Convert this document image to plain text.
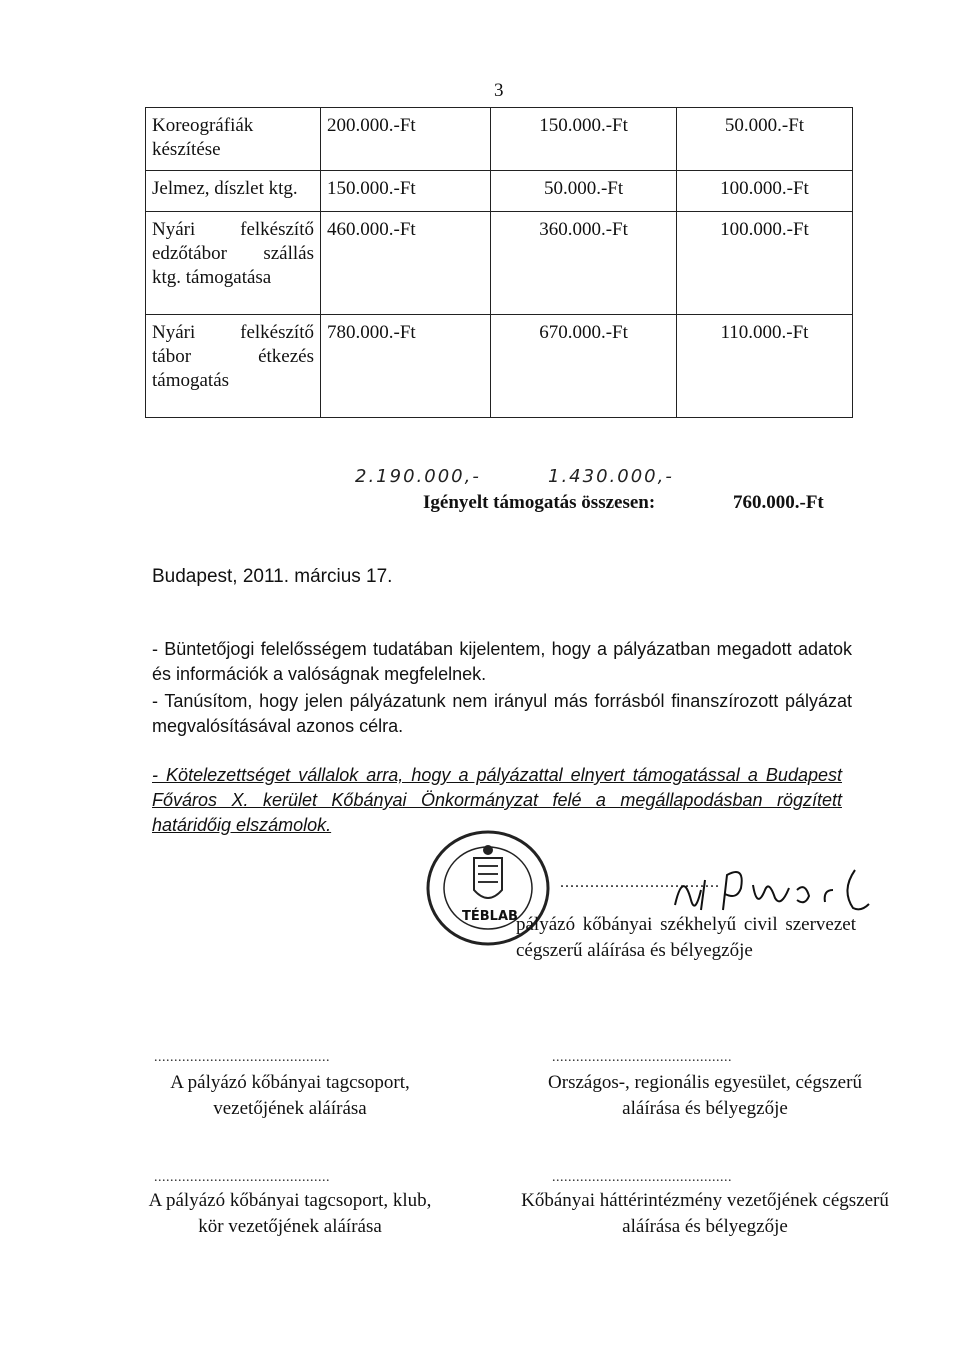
3
Koreográfiák készítése	200.000.-Ft	150.000.-Ft	50.000.-Ft
Jelmez, díszlet ktg.	150.000.-Ft	50.000.-Ft	100.000.-Ft
Nyári felkészítő edzőtábor szállás ktg. támogatása	460.000.-Ft	360.000.-Ft	100.000.-Ft
Nyári felkészítő tábor étkezés támogatás	780.000.-Ft	670.000.-Ft	110.000.-Ft
2.190.000,-	1.430.000,-
Igényelt támogatás összesen:	760.000.-Ft
Budapest, 2011. március 17.
- Büntetőjogi felelősségem tudatában kijelentem, hogy a pályázatban megadott adatok és információk a valóságnak megfelelnek.
- Tanúsítom, hogy jelen pályázatunk nem irányul más forrásból finanszírozott pályázat megvalósításával azonos célra.
- Kötelezettséget vállalok arra, hogy a pályázattal elnyert támogatással a Budapest Főváros X. kerület Kőbányai Önkormányzat felé a megállapodásban rögzített határidőig elszámolok.
TÉBLAB
................................
pályázó kőbányai székhelyű civil szervezet cégszerű aláírása és bélyegzője
............................................
A pályázó kőbányai tagcsoport, vezetőjének aláírása
.............................................
Országos-, regionális egyesület, cégszerű aláírása és bélyegzője
............................................
A pályázó kőbányai tagcsoport, klub, kör vezetőjének aláírása
.............................................
Kőbányai háttérintézmény vezetőjének cégszerű aláírása és bélyegzője
